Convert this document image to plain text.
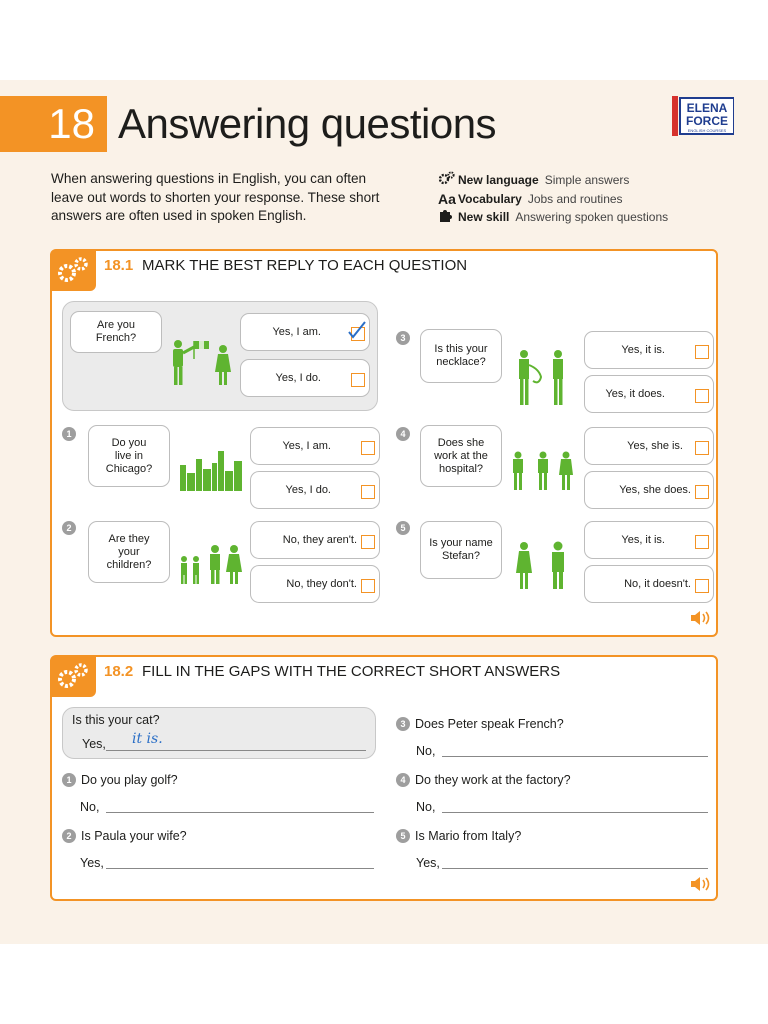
18 Answering questions	ELENA
FORCE
ENGLISH COURSES
When answering questions in English, you can often
leave out words to shorten your response. These short
answers are often used in spoken English.
New language Simple answers
Aa Vocabulary Jobs and routines
New skill Answering spoken questions
18.1 MARK THE BEST REPLY TO EACH QUESTION
Are you
French?	Yes, I am.
Yes, I do.
1
Do you
live in
Chicago?
Yes, I am.
Yes, I do.
2
Are they
your
children?
No, they aren't.
No, they don't.
3
Is this your
necklace?
Yes, it is.
Yes, it does.
4
Does she
work at the
hospital?
Yes, she is.
Yes, she does.
5
Is your name
Stefan?
Yes, it is.
No, it doesn't.
18.2 FILL IN THE GAPS WITH THE CORRECT SHORT ANSWERS
Is this your cat?
Yes, it is.
1 Do you play golf?
No,
2 Is Paula your wife?
Yes,
3 Does Peter speak French?
No,
4 Do they work at the factory?
No,
5 Is Mario from Italy?
Yes,
